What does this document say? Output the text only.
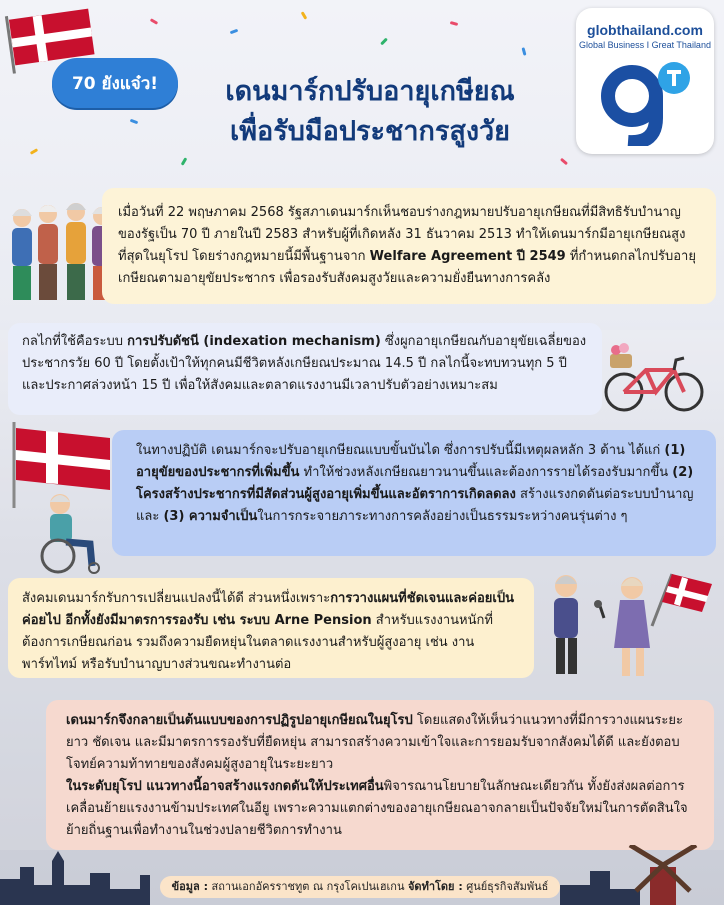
70 ยังแจ๋ว!	เดนมาร์กปรับอายุเกษียณ
เพื่อรับมือประชากรสูงวัย
globthailand.com
Global Business I Great Thailand
เมื่อวันที่ 22 พฤษภาคม 2568 รัฐสภาเดนมาร์กเห็นชอบร่างกฎหมายปรับอายุเกษียณที่มีสิทธิรับบำนาญของรัฐเป็น 70 ปี ภายในปี 2583 สำหรับผู้ที่เกิดหลัง 31 ธันวาคม 2513 ทำให้เดนมาร์กมีอายุเกษียณสูงที่สุดในยุโรป โดยร่างกฎหมายนี้มีพื้นฐานจาก Welfare Agreement ปี 2549 ที่กำหนดกลไกปรับอายุเกษียณตามอายุขัยประชากร เพื่อรองรับสังคมสูงวัยและความยั่งยืนทางการคลัง
กลไกที่ใช้คือระบบ การปรับดัชนี (indexation mechanism) ซึ่งผูกอายุเกษียณกับอายุขัยเฉลี่ยของประชากรวัย 60 ปี โดยตั้งเป้าให้ทุกคนมีชีวิตหลังเกษียณประมาณ 14.5 ปี กลไกนี้จะทบทวนทุก 5 ปี และประกาศล่วงหน้า 15 ปี เพื่อให้สังคมและตลาดแรงงานมีเวลาปรับตัวอย่างเหมาะสม
ในทางปฏิบัติ เดนมาร์กจะปรับอายุเกษียณแบบขั้นบันได ซึ่งการปรับนี้มีเหตุผลหลัก 3 ด้าน ได้แก่ (1) อายุขัยของประชากรที่เพิ่มขึ้น ทำให้ช่วงหลังเกษียณยาวนานขึ้นและต้องการรายได้รองรับมากขึ้น (2) โครงสร้างประชากรที่มีสัดส่วนผู้สูงอายุเพิ่มขึ้นและอัตราการเกิดลดลง สร้างแรงกดดันต่อระบบบำนาญ และ (3) ความจำเป็นในการกระจายภาระทางการคลังอย่างเป็นธรรมระหว่างคนรุ่นต่าง ๆ
สังคมเดนมาร์กรับการเปลี่ยนแปลงนี้ได้ดี ส่วนหนึ่งเพราะการวางแผนที่ชัดเจนและค่อยเป็นค่อยไป อีกทั้งยังมีมาตรการรองรับ เช่น ระบบ Arne Pension สำหรับแรงงานหนักที่ต้องการเกษียณก่อน รวมถึงความยืดหยุ่นในตลาดแรงงานสำหรับผู้สูงอายุ เช่น งานพาร์ทไทม์ หรือรับบำนาญบางส่วนขณะทำงานต่อ
เดนมาร์กจึงกลายเป็นต้นแบบของการปฏิรูปอายุเกษียณในยุโรป โดยแสดงให้เห็นว่าแนวทางที่มีการวางแผนระยะยาว ชัดเจน และมีมาตรการรองรับที่ยืดหยุ่น สามารถสร้างความเข้าใจและการยอมรับจากสังคมได้ดี และยังตอบโจทย์ความท้าทายของสังคมผู้สูงอายุในระยะยาว
ในระดับยุโรป แนวทางนี้อาจสร้างแรงกดดันให้ประเทศอื่นพิจารณานโยบายในลักษณะเดียวกัน ทั้งยังส่งผลต่อการเคลื่อนย้ายแรงงานข้ามประเทศในอียู เพราะความแตกต่างของอายุเกษียณอาจกลายเป็นปัจจัยใหม่ในการตัดสินใจย้ายถิ่นฐานเพื่อทำงานในช่วงปลายชีวิตการทำงาน
ข้อมูล : สถานเอกอัครราชทูต ณ กรุงโคเปนเฮเกน จัดทำโดย : ศูนย์ธุรกิจสัมพันธ์
